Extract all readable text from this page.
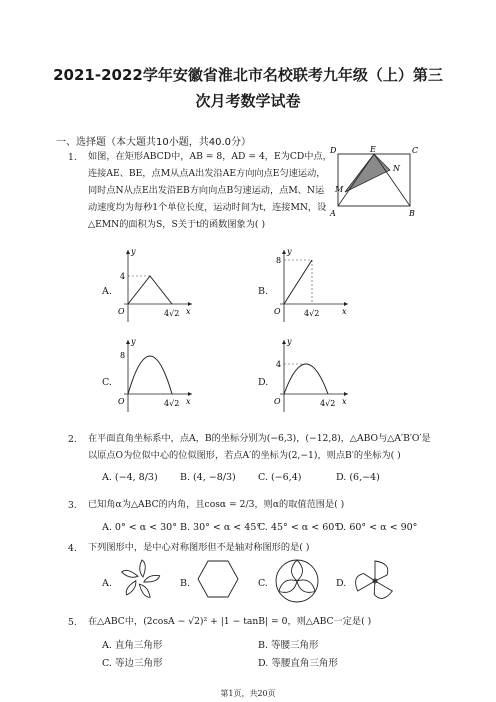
2021-2022学年安徽省淮北市名校联考九年级（上）第三
次月考数学试卷
一、选择题（本大题共10小题，共40.0分）
1. 如图，在矩形ABCD中，AB = 8，AD = 4，E为CD中点，
连接AE、BE，点M从点A出发沿AE方向向点E匀速运动，
同时点N从点E出发沿EB方向向点B匀速运动，点M、N运
动速度均为每秒1个单位长度，运动时间为t，连接MN，设
△EMN的面积为S，S关于t的函数图象为( )
D	E	C
N
M
A	B
A.
y
x
O
4
4√2
B.
y
x
O
8
4√2
C.
y
x
O
8
4√2
D.
y
x
O
4
4√2
2. 在平面直角坐标系中，点A，B的坐标分别为(−6,3)，(−12,8)，△ABO与△A′B′O′是
以原点O为位似中心的位似图形，若点A′的坐标为(2,−1)，则点B′的坐标为( )
A. (−4, 8/3) B. (4, −8/3) C. (−6,4)	D. (6,−4)
3. 已知角α为△ABC的内角，且cosα = 2/3，则α的取值范围是( )
A. 0° < α < 30° B. 30° < α < 45°
C. 45° < α < 60°
D. 60° < α < 90°
4. 下列图形中，是中心对称图形但不是轴对称图形的是( )
A.	B.	C.	D.
5. 在△ABC中，(2cosA − √2)² + |1 − tanB| = 0，则△ABC一定是( )
A. 直角三角形	B. 等腰三角形
C. 等边三角形	D. 等腰直角三角形
第1页，共20页
